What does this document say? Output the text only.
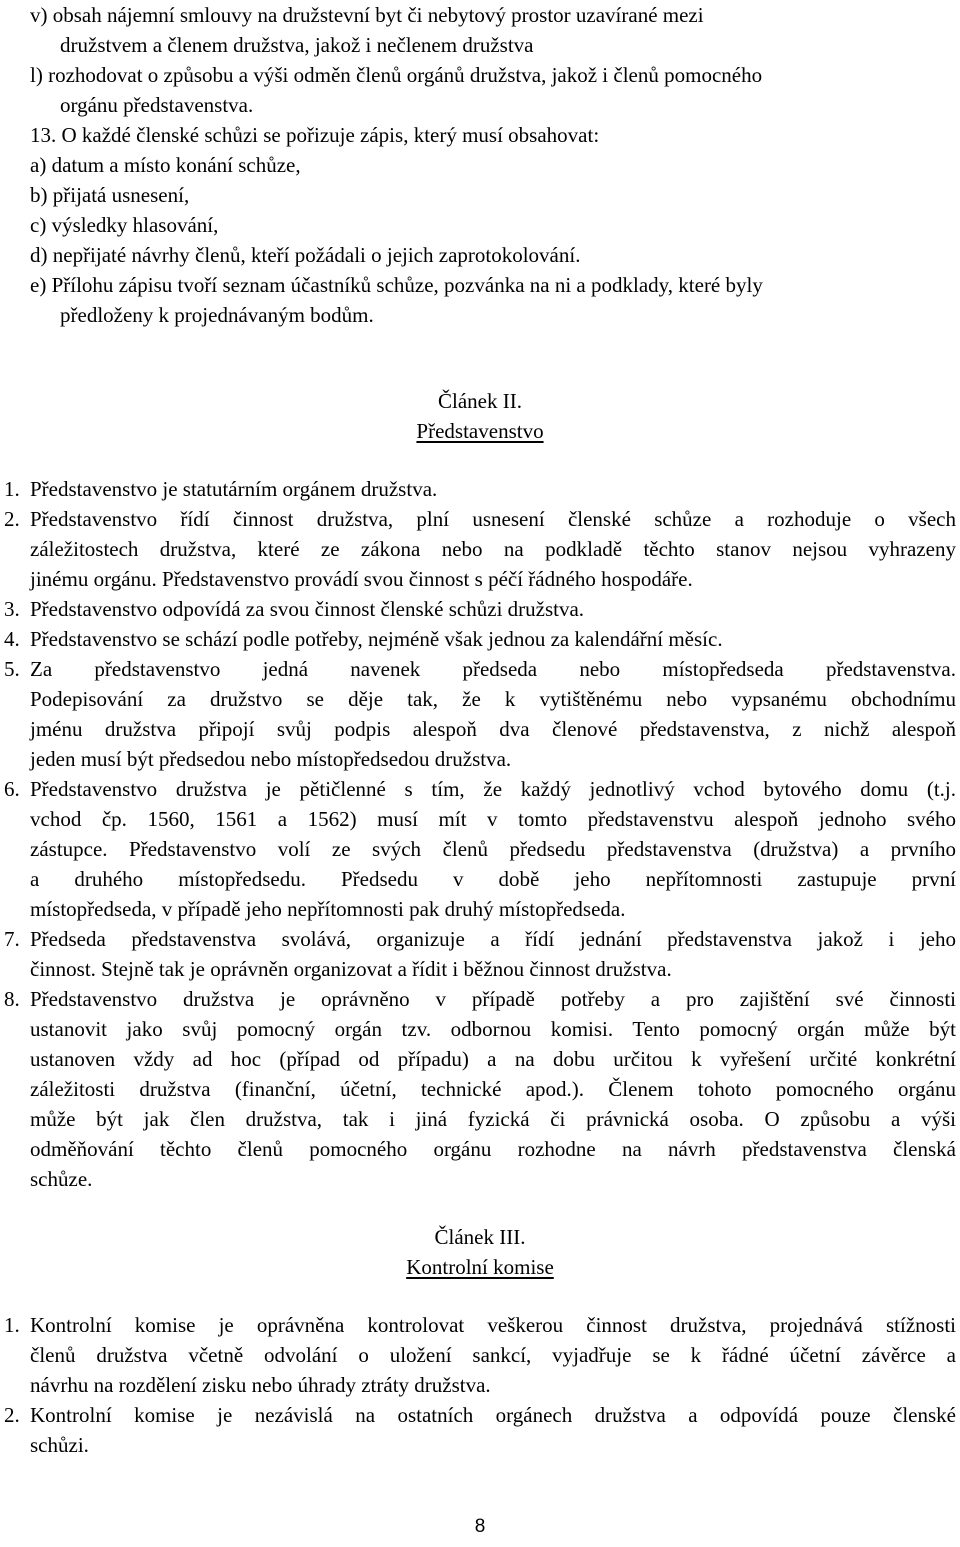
v) obsah nájemní smlouvy na družstevní byt či nebytový prostor uzavírané mezi
družstvem a členem družstva, jakož i nečlenem družstva
l) rozhodovat o způsobu a výši odměn členů orgánů družstva, jakož i členů pomocného
orgánu představenstva.
13. O každé členské schůzi se pořizuje zápis, který musí obsahovat:
a) datum a místo konání schůze,
b) přijatá usnesení,
c) výsledky hlasování,
d) nepřijaté návrhy členů, kteří požádali o jejich zaprotokolování.
e) Přílohu zápisu tvoří seznam účastníků schůze, pozvánka na ni a podklady, které byly
předloženy k projednávaným bodům.
Článek II.
Představenstvo
1. Představenstvo je statutárním orgánem družstva.
2. Představenstvo řídí činnost družstva, plní usnesení členské schůze a rozhoduje o všech
záležitostech družstva, které ze zákona nebo na podkladě těchto stanov nejsou vyhrazeny
jinému orgánu. Představenstvo provádí svou činnost s péčí řádného hospodáře.
3. Představenstvo odpovídá za svou činnost členské schůzi družstva.
4. Představenstvo se schází podle potřeby, nejméně však jednou za kalendářní měsíc.
5. Za představenstvo jedná navenek předseda nebo místopředseda představenstva.
Podepisování za družstvo se děje tak, že k vytištěnému nebo vypsanému obchodnímu
jménu družstva připojí svůj podpis alespoň dva členové představenstva, z nichž alespoň
jeden musí být předsedou nebo místopředsedou družstva.
6. Představenstvo družstva je pětičlenné s tím, že každý jednotlivý vchod bytového domu (t.j.
vchod čp. 1560, 1561 a 1562) musí mít v tomto představenstvu alespoň jednoho svého
zástupce. Představenstvo volí ze svých členů předsedu představenstva (družstva) a prvního
a druhého místopředsedu. Předsedu v době jeho nepřítomnosti zastupuje první
místopředseda, v případě jeho nepřítomnosti pak druhý místopředseda.
7. Předseda představenstva svolává, organizuje a řídí jednání představenstva jakož i jeho
činnost. Stejně tak je oprávněn organizovat a řídit i běžnou činnost družstva.
8. Představenstvo družstva je oprávněno v případě potřeby a pro zajištění své činnosti
ustanovit jako svůj pomocný orgán tzv. odbornou komisi. Tento pomocný orgán může být
ustanoven vždy ad hoc (případ od případu) a na dobu určitou k vyřešení určité konkrétní
záležitosti družstva (finanční, účetní, technické apod.). Členem tohoto pomocného orgánu
může být jak člen družstva, tak i jiná fyzická či právnická osoba. O způsobu a výši
odměňování těchto členů pomocného orgánu rozhodne na návrh představenstva členská
schůze.
Článek III.
Kontrolní komise
1. Kontrolní komise je oprávněna kontrolovat veškerou činnost družstva, projednává stížnosti
členů družstva včetně odvolání o uložení sankcí, vyjadřuje se k řádné účetní závěrce a
návrhu na rozdělení zisku nebo úhrady ztráty družstva.
2. Kontrolní komise je nezávislá na ostatních orgánech družstva a odpovídá pouze členské
schůzi.
8
